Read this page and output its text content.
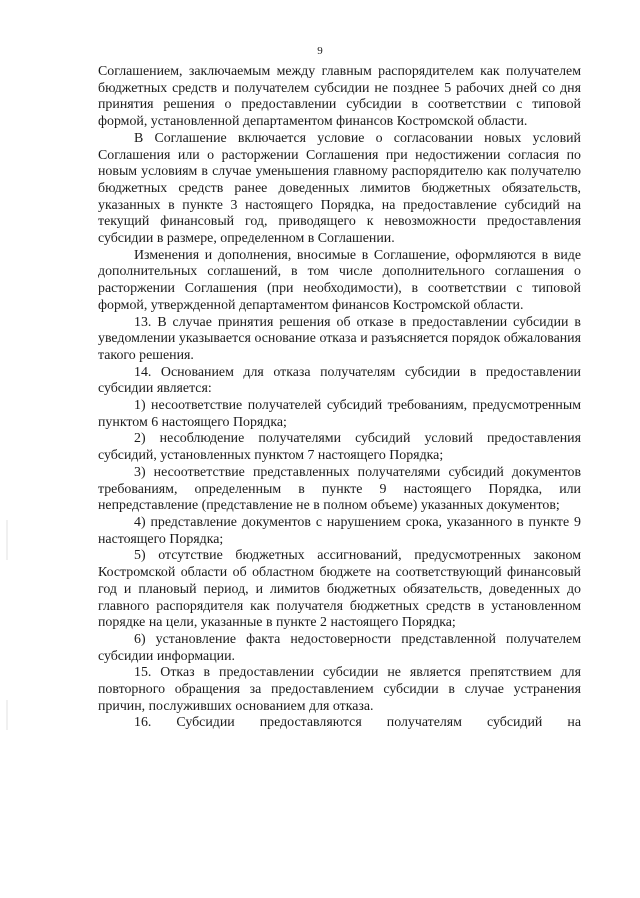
9

Соглашением, заключаемым между главным распорядителем как получателем бюджетных средств и получателем субсидии не позднее 5 рабочих дней со дня принятия решения о предоставлении субсидии в соответствии с типовой формой, установленной департаментом финансов Костромской области.

В Соглашение включается условие о согласовании новых условий Соглашения или о расторжении Соглашения при недостижении согласия по новым условиям в случае уменьшения главному распорядителю как получателю бюджетных средств ранее доведенных лимитов бюджетных обязательств, указанных в пункте 3 настоящего Порядка, на предоставление субсидий на текущий финансовый год, приводящего к невозможности предоставления субсидии в размере, определенном в Соглашении.

Изменения и дополнения, вносимые в Соглашение, оформляются в виде дополнительных соглашений, в том числе дополнительного соглашения о расторжении Соглашения (при необходимости), в соответствии с типовой формой, утвержденной департаментом финансов Костромской области.

13. В случае принятия решения об отказе в предоставлении субсидии в уведомлении указывается основание отказа и разъясняется порядок обжалования такого решения.

14. Основанием для отказа получателям субсидии в предоставлении субсидии является:

1) несоответствие получателей субсидий требованиям, предусмотренным пунктом 6 настоящего Порядка;

2) несоблюдение получателями субсидий условий предоставления субсидий, установленных пунктом 7 настоящего Порядка;

3) несоответствие представленных получателями субсидий документов требованиям, определенным в пункте 9 настоящего Порядка, или непредставление (представление не в полном объеме) указанных документов;

4) представление документов с нарушением срока, указанного в пункте 9 настоящего Порядка;

5) отсутствие бюджетных ассигнований, предусмотренных законом Костромской области об областном бюджете на соответствующий финансовый год и плановый период, и лимитов бюджетных обязательств, доведенных до главного распорядителя как получателя бюджетных средств в установленном порядке на цели, указанные в пункте 2 настоящего Порядка;

6) установление факта недостоверности представленной получателем субсидии информации.

15. Отказ в предоставлении субсидии не является препятствием для повторного обращения за предоставлением субсидии в случае устранения причин, послуживших основанием для отказа.

16. Субсидии предоставляются получателям субсидий на
